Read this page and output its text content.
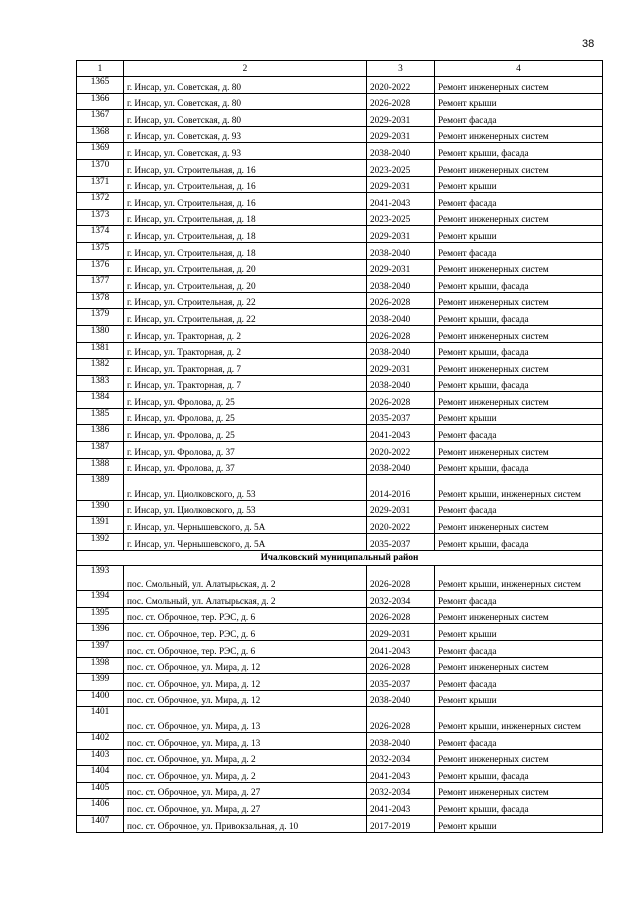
38
1	2	3	4
1365	г. Инсар, ул. Советская, д. 80	2020-2022	Ремонт инженерных систем
1366	г. Инсар, ул. Советская, д. 80	2026-2028	Ремонт крыши
1367	г. Инсар, ул. Советская, д. 80	2029-2031	Ремонт фасада
1368	г. Инсар, ул. Советская, д. 93	2029-2031	Ремонт инженерных систем
1369	г. Инсар, ул. Советская, д. 93	2038-2040	Ремонт крыши, фасада
1370	г. Инсар, ул. Строительная, д. 16	2023-2025	Ремонт инженерных систем
1371	г. Инсар, ул. Строительная, д. 16	2029-2031	Ремонт крыши
1372	г. Инсар, ул. Строительная, д. 16	2041-2043	Ремонт фасада
1373	г. Инсар, ул. Строительная, д. 18	2023-2025	Ремонт инженерных систем
1374	г. Инсар, ул. Строительная, д. 18	2029-2031	Ремонт крыши
1375	г. Инсар, ул. Строительная, д. 18	2038-2040	Ремонт фасада
1376	г. Инсар, ул. Строительная, д. 20	2029-2031	Ремонт инженерных систем
1377	г. Инсар, ул. Строительная, д. 20	2038-2040	Ремонт крыши, фасада
1378	г. Инсар, ул. Строительная, д. 22	2026-2028	Ремонт инженерных систем
1379	г. Инсар, ул. Строительная, д. 22	2038-2040	Ремонт крыши, фасада
1380	г. Инсар, ул. Тракторная, д. 2	2026-2028	Ремонт инженерных систем
1381	г. Инсар, ул. Тракторная, д. 2	2038-2040	Ремонт крыши, фасада
1382	г. Инсар, ул. Тракторная, д. 7	2029-2031	Ремонт инженерных систем
1383	г. Инсар, ул. Тракторная, д. 7	2038-2040	Ремонт крыши, фасада
1384	г. Инсар, ул. Фролова, д. 25	2026-2028	Ремонт инженерных систем
1385	г. Инсар, ул. Фролова, д. 25	2035-2037	Ремонт крыши
1386	г. Инсар, ул. Фролова, д. 25	2041-2043	Ремонт фасада
1387	г. Инсар, ул. Фролова, д. 37	2020-2022	Ремонт инженерных систем
1388	г. Инсар, ул. Фролова, д. 37	2038-2040	Ремонт крыши, фасада
1389	г. Инсар, ул. Циолковского, д. 53	2014-2016	Ремонт крыши, инженерных систем
1390	г. Инсар, ул. Циолковского, д. 53	2029-2031	Ремонт фасада
1391	г. Инсар, ул. Чернышевского, д. 5А	2020-2022	Ремонт инженерных систем
1392	г. Инсар, ул. Чернышевского, д. 5А	2035-2037	Ремонт крыши, фасада
Ичалковский муниципальный район			
1393	пос. Смольный, ул. Алатырьская, д. 2	2026-2028	Ремонт крыши, инженерных систем
1394	пос. Смольный, ул. Алатырьская, д. 2	2032-2034	Ремонт фасада
1395	пос. ст. Оброчное, тер. РЭС, д. 6	2026-2028	Ремонт инженерных систем
1396	пос. ст. Оброчное, тер. РЭС, д. 6	2029-2031	Ремонт крыши
1397	пос. ст. Оброчное, тер. РЭС, д. 6	2041-2043	Ремонт фасада
1398	пос. ст. Оброчное, ул. Мира, д. 12	2026-2028	Ремонт инженерных систем
1399	пос. ст. Оброчное, ул. Мира, д. 12	2035-2037	Ремонт фасада
1400	пос. ст. Оброчное, ул. Мира, д. 12	2038-2040	Ремонт крыши
1401	пос. ст. Оброчное, ул. Мира, д. 13	2026-2028	Ремонт крыши, инженерных систем
1402	пос. ст. Оброчное, ул. Мира, д. 13	2038-2040	Ремонт фасада
1403	пос. ст. Оброчное, ул. Мира, д. 2	2032-2034	Ремонт инженерных систем
1404	пос. ст. Оброчное, ул. Мира, д. 2	2041-2043	Ремонт крыши, фасада
1405	пос. ст. Оброчное, ул. Мира, д. 27	2032-2034	Ремонт инженерных систем
1406	пос. ст. Оброчное, ул. Мира, д. 27	2041-2043	Ремонт крыши, фасада
1407	пос. ст. Оброчное, ул. Привокзальная, д. 10	2017-2019	Ремонт крыши
